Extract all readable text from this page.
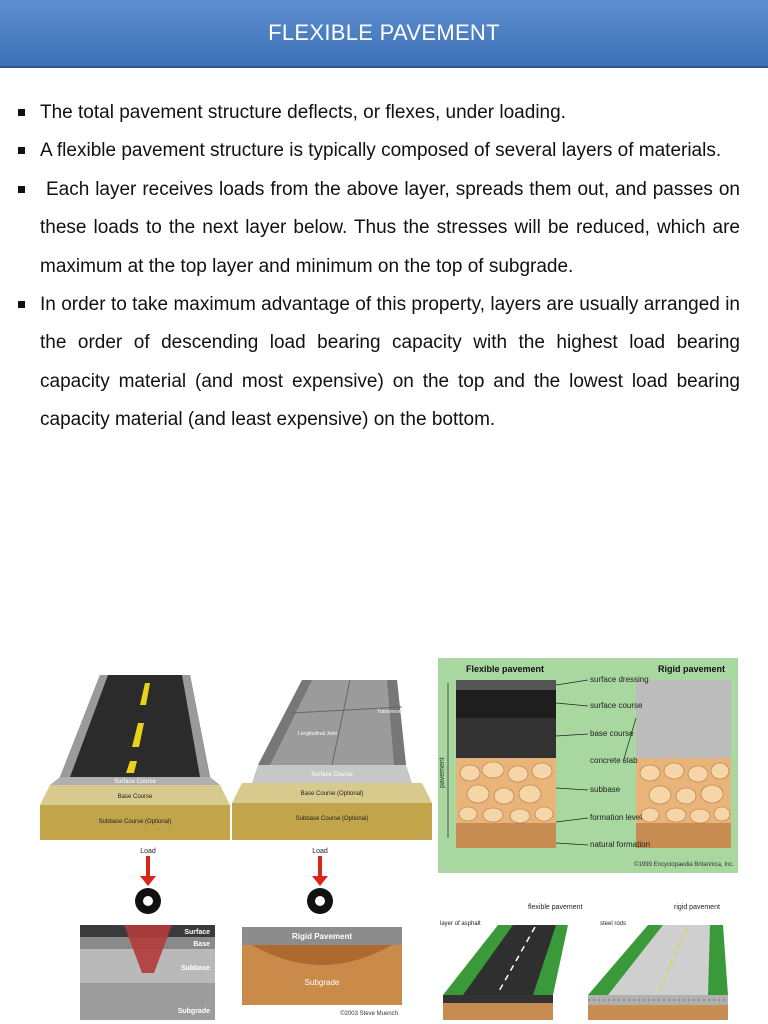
FLEXIBLE PAVEMENT
The total pavement structure deflects, or flexes, under loading.
A flexible pavement structure is typically composed of several layers of materials.
Each layer receives loads from the above layer, spreads them out, and passes on these loads to the next layer below. Thus the stresses will be reduced, which are maximum at the top layer and minimum on the top of subgrade.
In order to take maximum advantage of this property, layers are usually arranged in the order of descending load bearing capacity with the highest load bearing capacity material (and most expensive) on the top and the lowest load bearing capacity material (and least expensive) on the bottom.
Surface Course
Base Course
Subbase Course (Optional)
Transverse Joint
Longitudinal Joint
Surface Course
Base Course (Optional)
Subbase Course (Optional)
Flexible pavement	Rigid pavement
pavement
surface dressing
surface course
base course
concrete slab
subbase
formation level
natural formation
©1999 Encyclopaedia Britannica, Inc.
Load
Surface
Base
Subbase
Subgrade
Load
Rigid Pavement
Subgrade
©2003 Steve Muench
flexible pavement	rigid pavement
layer of asphalt	steel rods
